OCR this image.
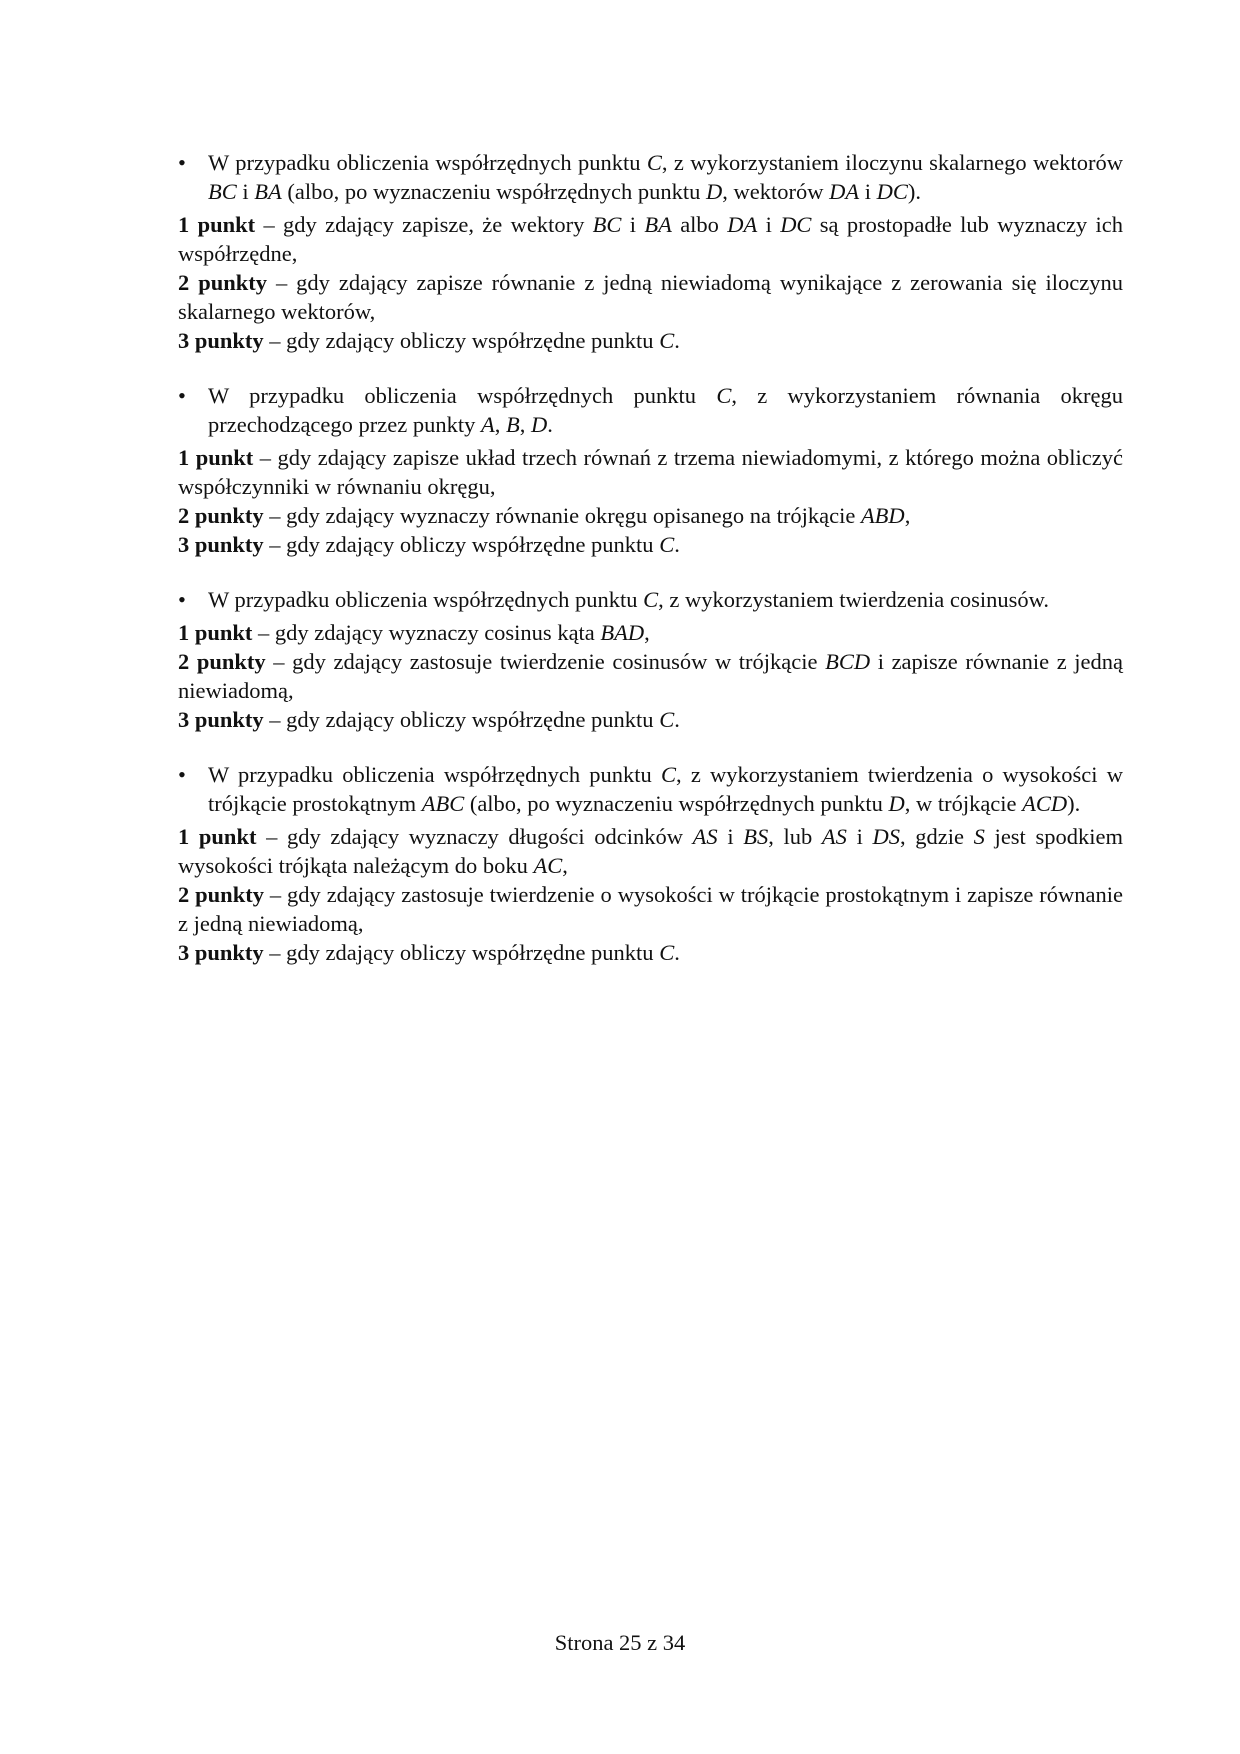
• W przypadku obliczenia współrzędnych punktu C, z wykorzystaniem iloczynu skalarnego wektorów BC i BA (albo, po wyznaczeniu współrzędnych punktu D, wektorów DA i DC).
1 punkt – gdy zdający zapisze, że wektory BC i BA albo DA i DC są prostopadłe lub wyznaczy ich współrzędne,
2 punkty – gdy zdający zapisze równanie z jedną niewiadomą wynikające z zerowania się iloczynu skalarnego wektorów,
3 punkty – gdy zdający obliczy współrzędne punktu C.
• W przypadku obliczenia współrzędnych punktu C, z wykorzystaniem równania okręgu przechodzącego przez punkty A, B, D.
1 punkt – gdy zdający zapisze układ trzech równań z trzema niewiadomymi, z którego można obliczyć współczynniki w równaniu okręgu,
2 punkty – gdy zdający wyznaczy równanie okręgu opisanego na trójkącie ABD,
3 punkty – gdy zdający obliczy współrzędne punktu C.
• W przypadku obliczenia współrzędnych punktu C, z wykorzystaniem twierdzenia cosinusów.
1 punkt – gdy zdający wyznaczy cosinus kąta BAD,
2 punkty – gdy zdający zastosuje twierdzenie cosinusów w trójkącie BCD i zapisze równanie z jedną niewiadomą,
3 punkty – gdy zdający obliczy współrzędne punktu C.
• W przypadku obliczenia współrzędnych punktu C, z wykorzystaniem twierdzenia o wysokości w trójkącie prostokątnym ABC (albo, po wyznaczeniu współrzędnych punktu D, w trójkącie ACD).
1 punkt – gdy zdający wyznaczy długości odcinków AS i BS, lub AS i DS, gdzie S jest spodkiem wysokości trójkąta należącym do boku AC,
2 punkty – gdy zdający zastosuje twierdzenie o wysokości w trójkącie prostokątnym i zapisze równanie z jedną niewiadomą,
3 punkty – gdy zdający obliczy współrzędne punktu C.
Strona 25 z 34
